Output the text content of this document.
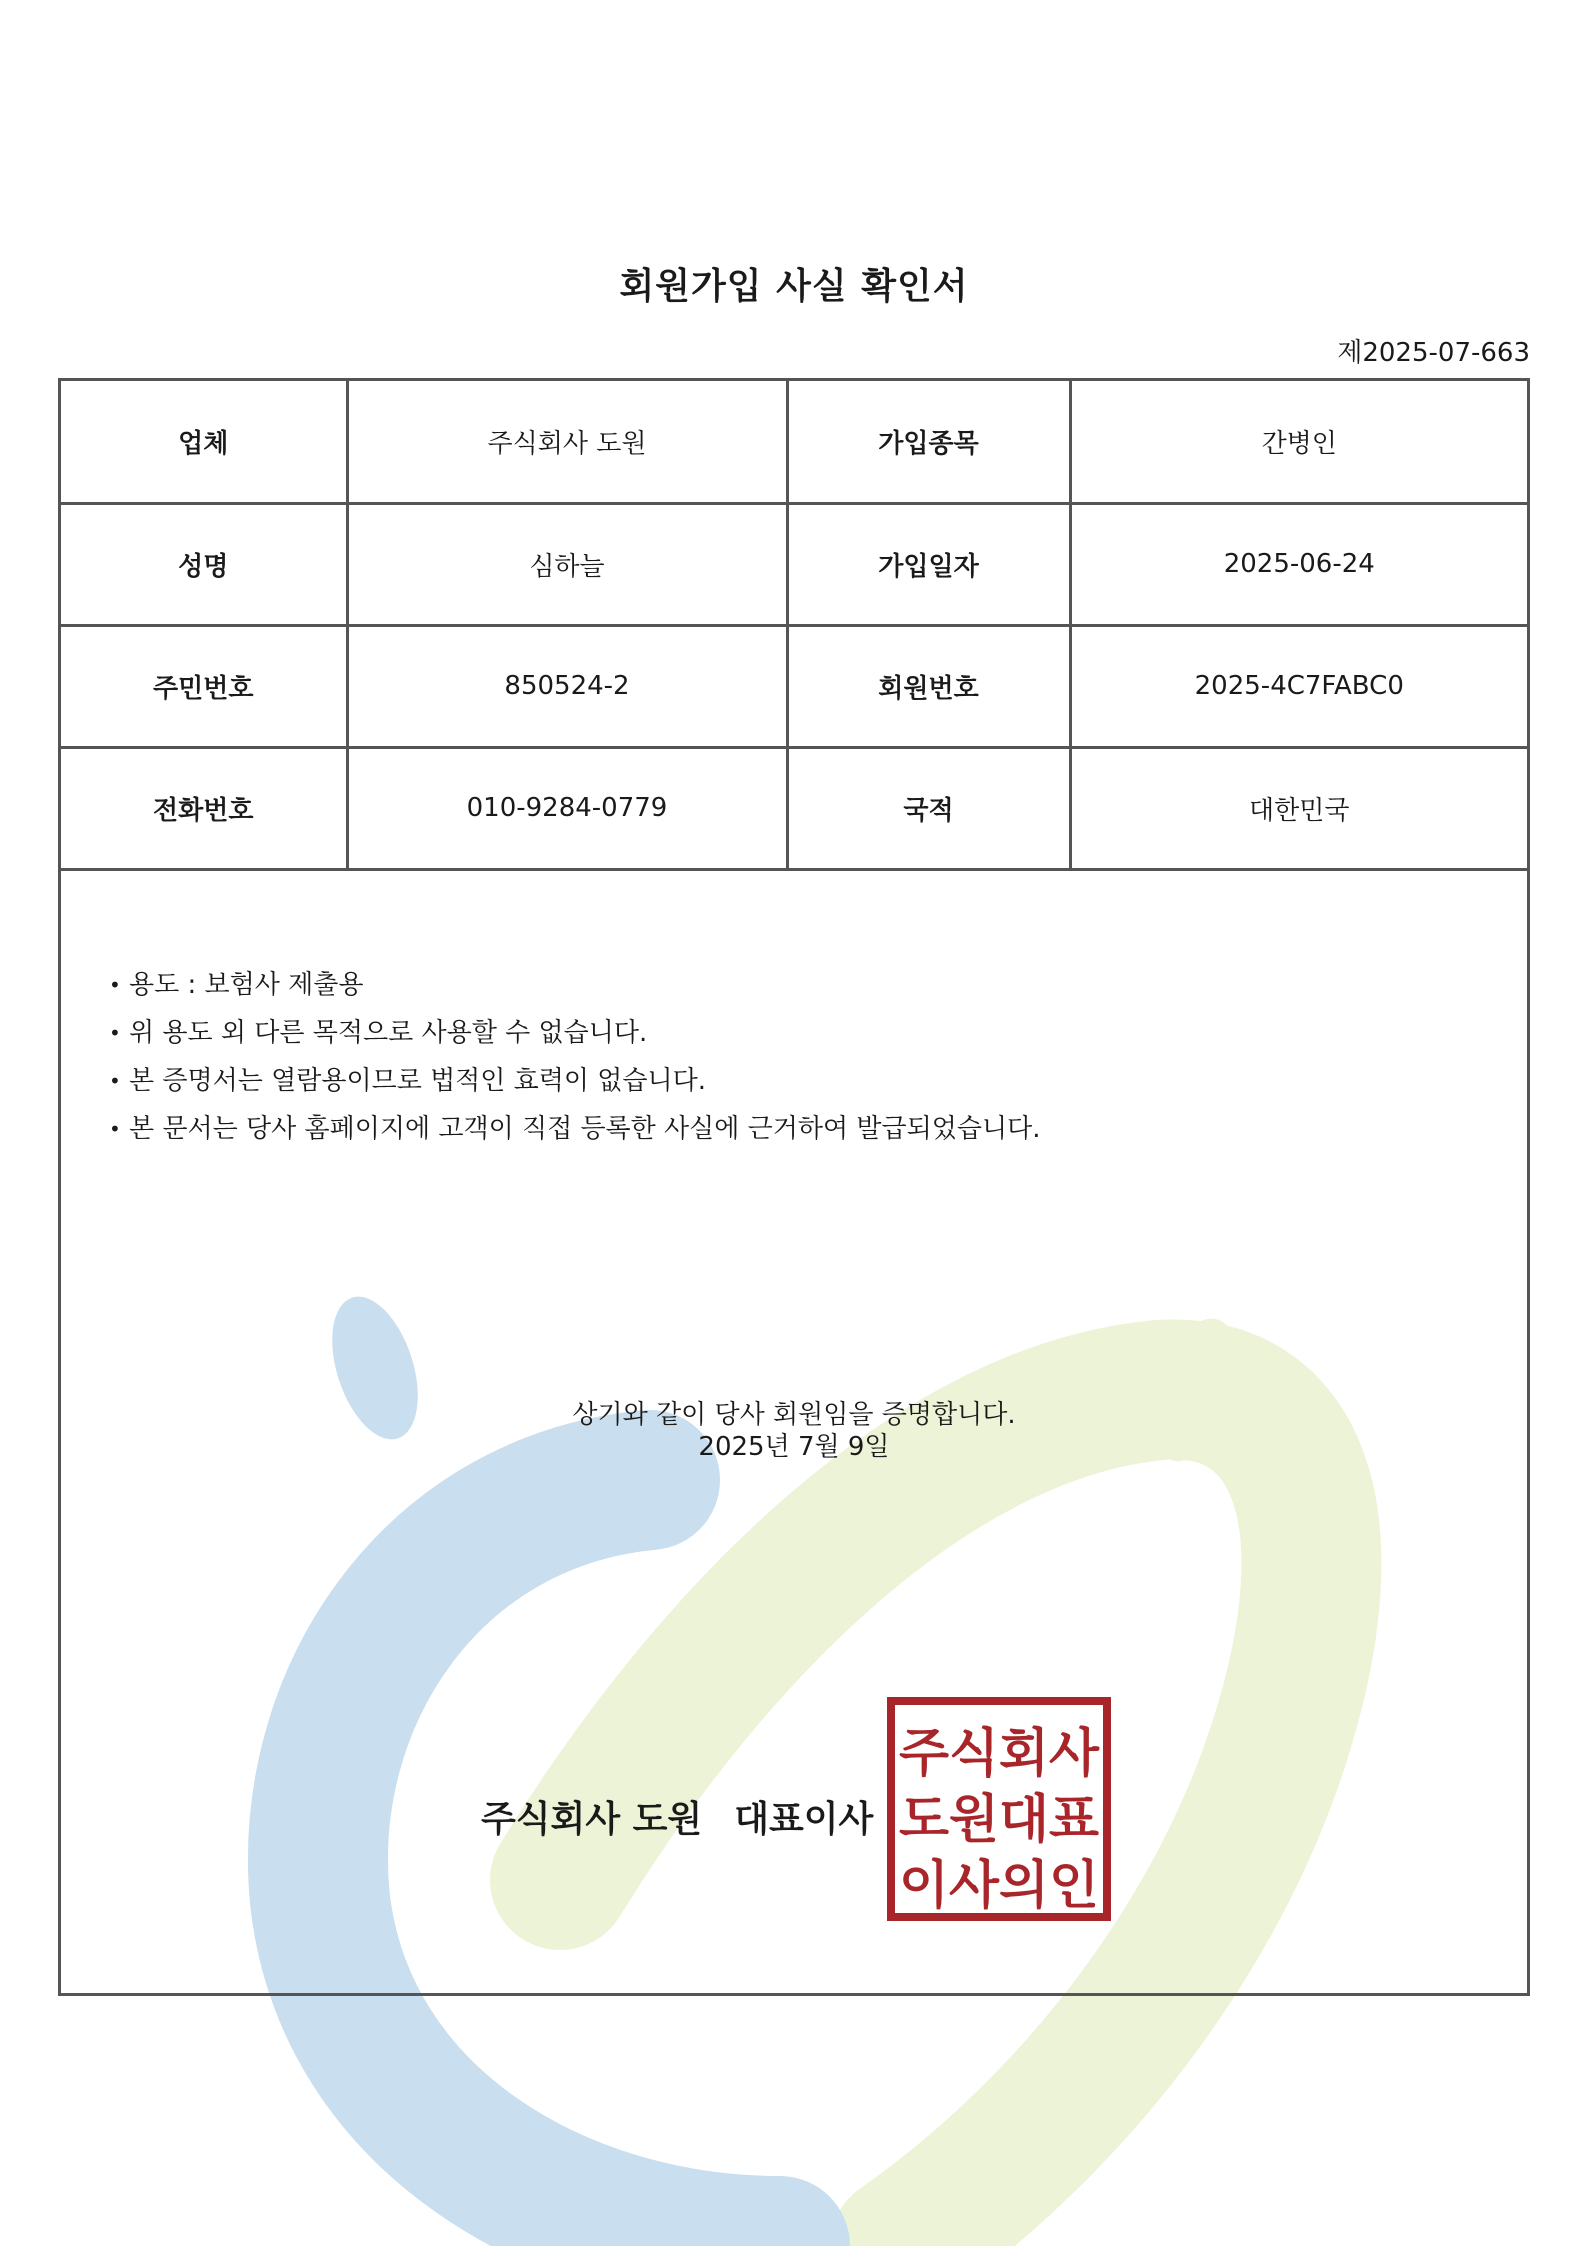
회원가입 사실 확인서
제2025-07-663
업체	주식회사 도원	가입종목	간병인
성명	심하늘	가입일자	2025-06-24
주민번호	850524-2	회원번호	2025-4C7FABC0
전화번호	010-9284-0779	국적	대한민국
• 용도 : 보험사 제출용
• 위 용도 외 다른 목적으로 사용할 수 없습니다.
• 본 증명서는 열람용이므로 법적인 효력이 없습니다.
• 본 문서는 당사 홈페이지에 고객이 직접 등록한 사실에 근거하여 발급되었습니다.
상기와 같이 당사 회원임을 증명합니다.
2025년 7월 9일
주식회사 도원 대표이사
주식회사
도원대표
이사의인
